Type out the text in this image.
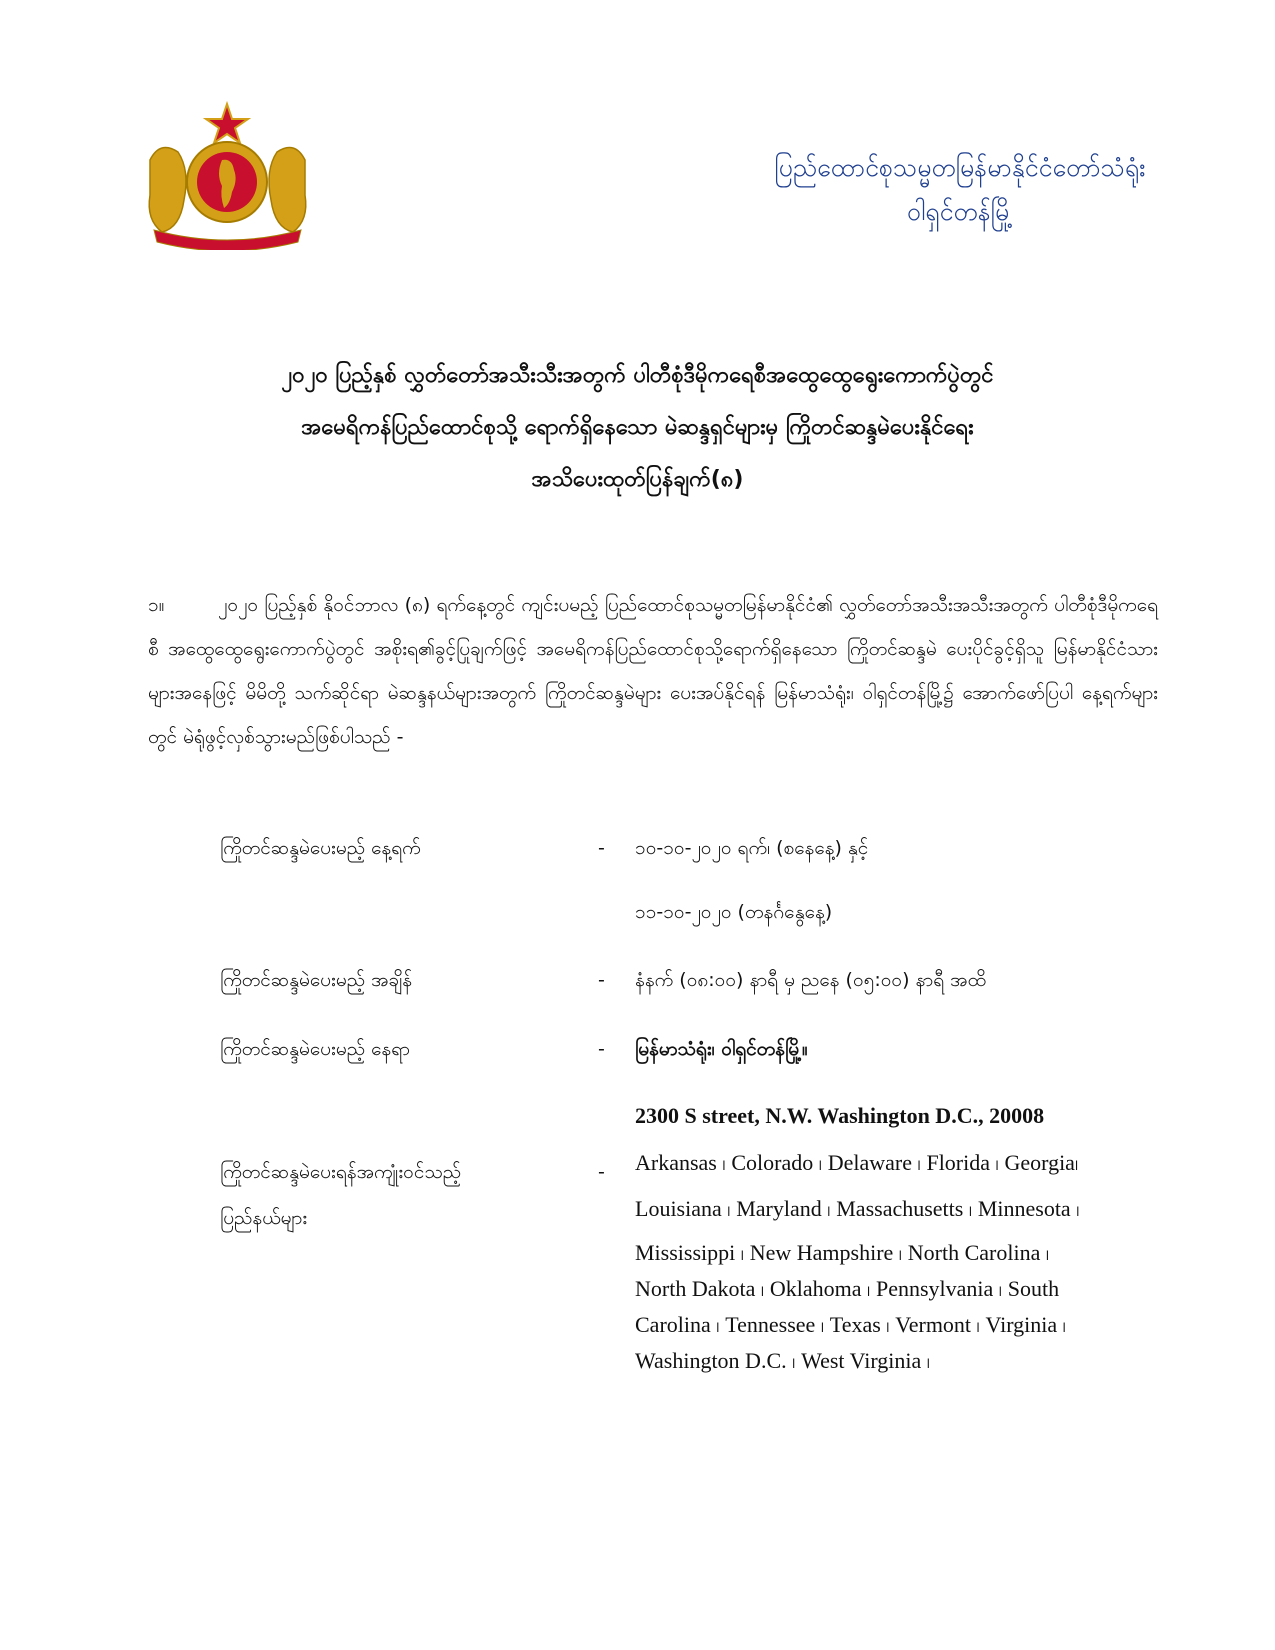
ပြည်ထောင်စုသမ္မတမြန်မာနိုင်ငံတော်သံရုံး
ဝါရှင်တန်မြို့
၂၀၂၀ ပြည့်နှစ် လွှတ်တော်အသီးသီးအတွက် ပါတီစုံဒီမိုကရေစီအထွေထွေရွေးကောက်ပွဲတွင်
အမေရိကန်ပြည်ထောင်စုသို့ ရောက်ရှိနေသော မဲဆန္ဒရှင်များမှ ကြိုတင်ဆန္ဒမဲပေးနိုင်ရေး
အသိပေးထုတ်ပြန်ချက်(၈)
၁။	၂၀၂၀ ပြည့်နှစ် နိုဝင်ဘာလ (၈) ရက်နေ့တွင် ကျင်းပမည့် ပြည်ထောင်စုသမ္မတမြန်မာနိုင်ငံ၏ လွှတ်တော်အသီးအသီးအတွက် ပါတီစုံဒီမိုကရေစီ အထွေထွေရွေးကောက်ပွဲတွင် အစိုးရ၏ခွင့်ပြုချက်ဖြင့် အမေရိကန်ပြည်ထောင်စုသို့ရောက်ရှိနေသော ကြိုတင်ဆန္ဒမဲ ပေးပိုင်ခွင့်ရှိသူ မြန်မာနိုင်ငံသားများအနေဖြင့် မိမိတို့ သက်ဆိုင်ရာ မဲဆန္ဒနယ်များအတွက် ကြိုတင်ဆန္ဒမဲများ ပေးအပ်နိုင်ရန် မြန်မာသံရုံး၊ ဝါရှင်တန်မြို့၌ အောက်ဖော်ပြပါ နေ့ရက်များတွင် မဲရုံဖွင့်လှစ်သွားမည်ဖြစ်ပါသည် -
ကြိုတင်ဆန္ဒမဲပေးမည့် နေ့ရက်	- ၁၀-၁၀-၂၀၂၀ ရက်၊ (စနေနေ့) နှင့်
၁၁-၁၀-၂၀၂၀ (တနင်္ဂနွေနေ့)
ကြိုတင်ဆန္ဒမဲပေးမည့် အချိန်	- နံနက် (၀၈:၀၀) နာရီ မှ ညနေ (၀၅:၀၀) နာရီ အထိ
ကြိုတင်ဆန္ဒမဲပေးမည့် နေရာ	- မြန်မာသံရုံး၊ ဝါရှင်တန်မြို့။
2300 S street, N.W. Washington D.C., 20008
ကြိုတင်ဆန္ဒမဲပေးရန်အကျုံးဝင်သည့်
ပြည်နယ်များ
- Arkansas ၊ Colorado ၊ Delaware ၊ Florida ၊ Georgia၊
Louisiana ၊ Maryland ၊ Massachusetts ၊ Minnesota ၊
Mississippi ၊ New Hampshire ၊ North Carolina ၊
North Dakota ၊ Oklahoma ၊ Pennsylvania ၊ South
Carolina ၊ Tennessee ၊ Texas ၊ Vermont ၊ Virginia ၊
Washington D.C. ၊ West Virginia ၊
